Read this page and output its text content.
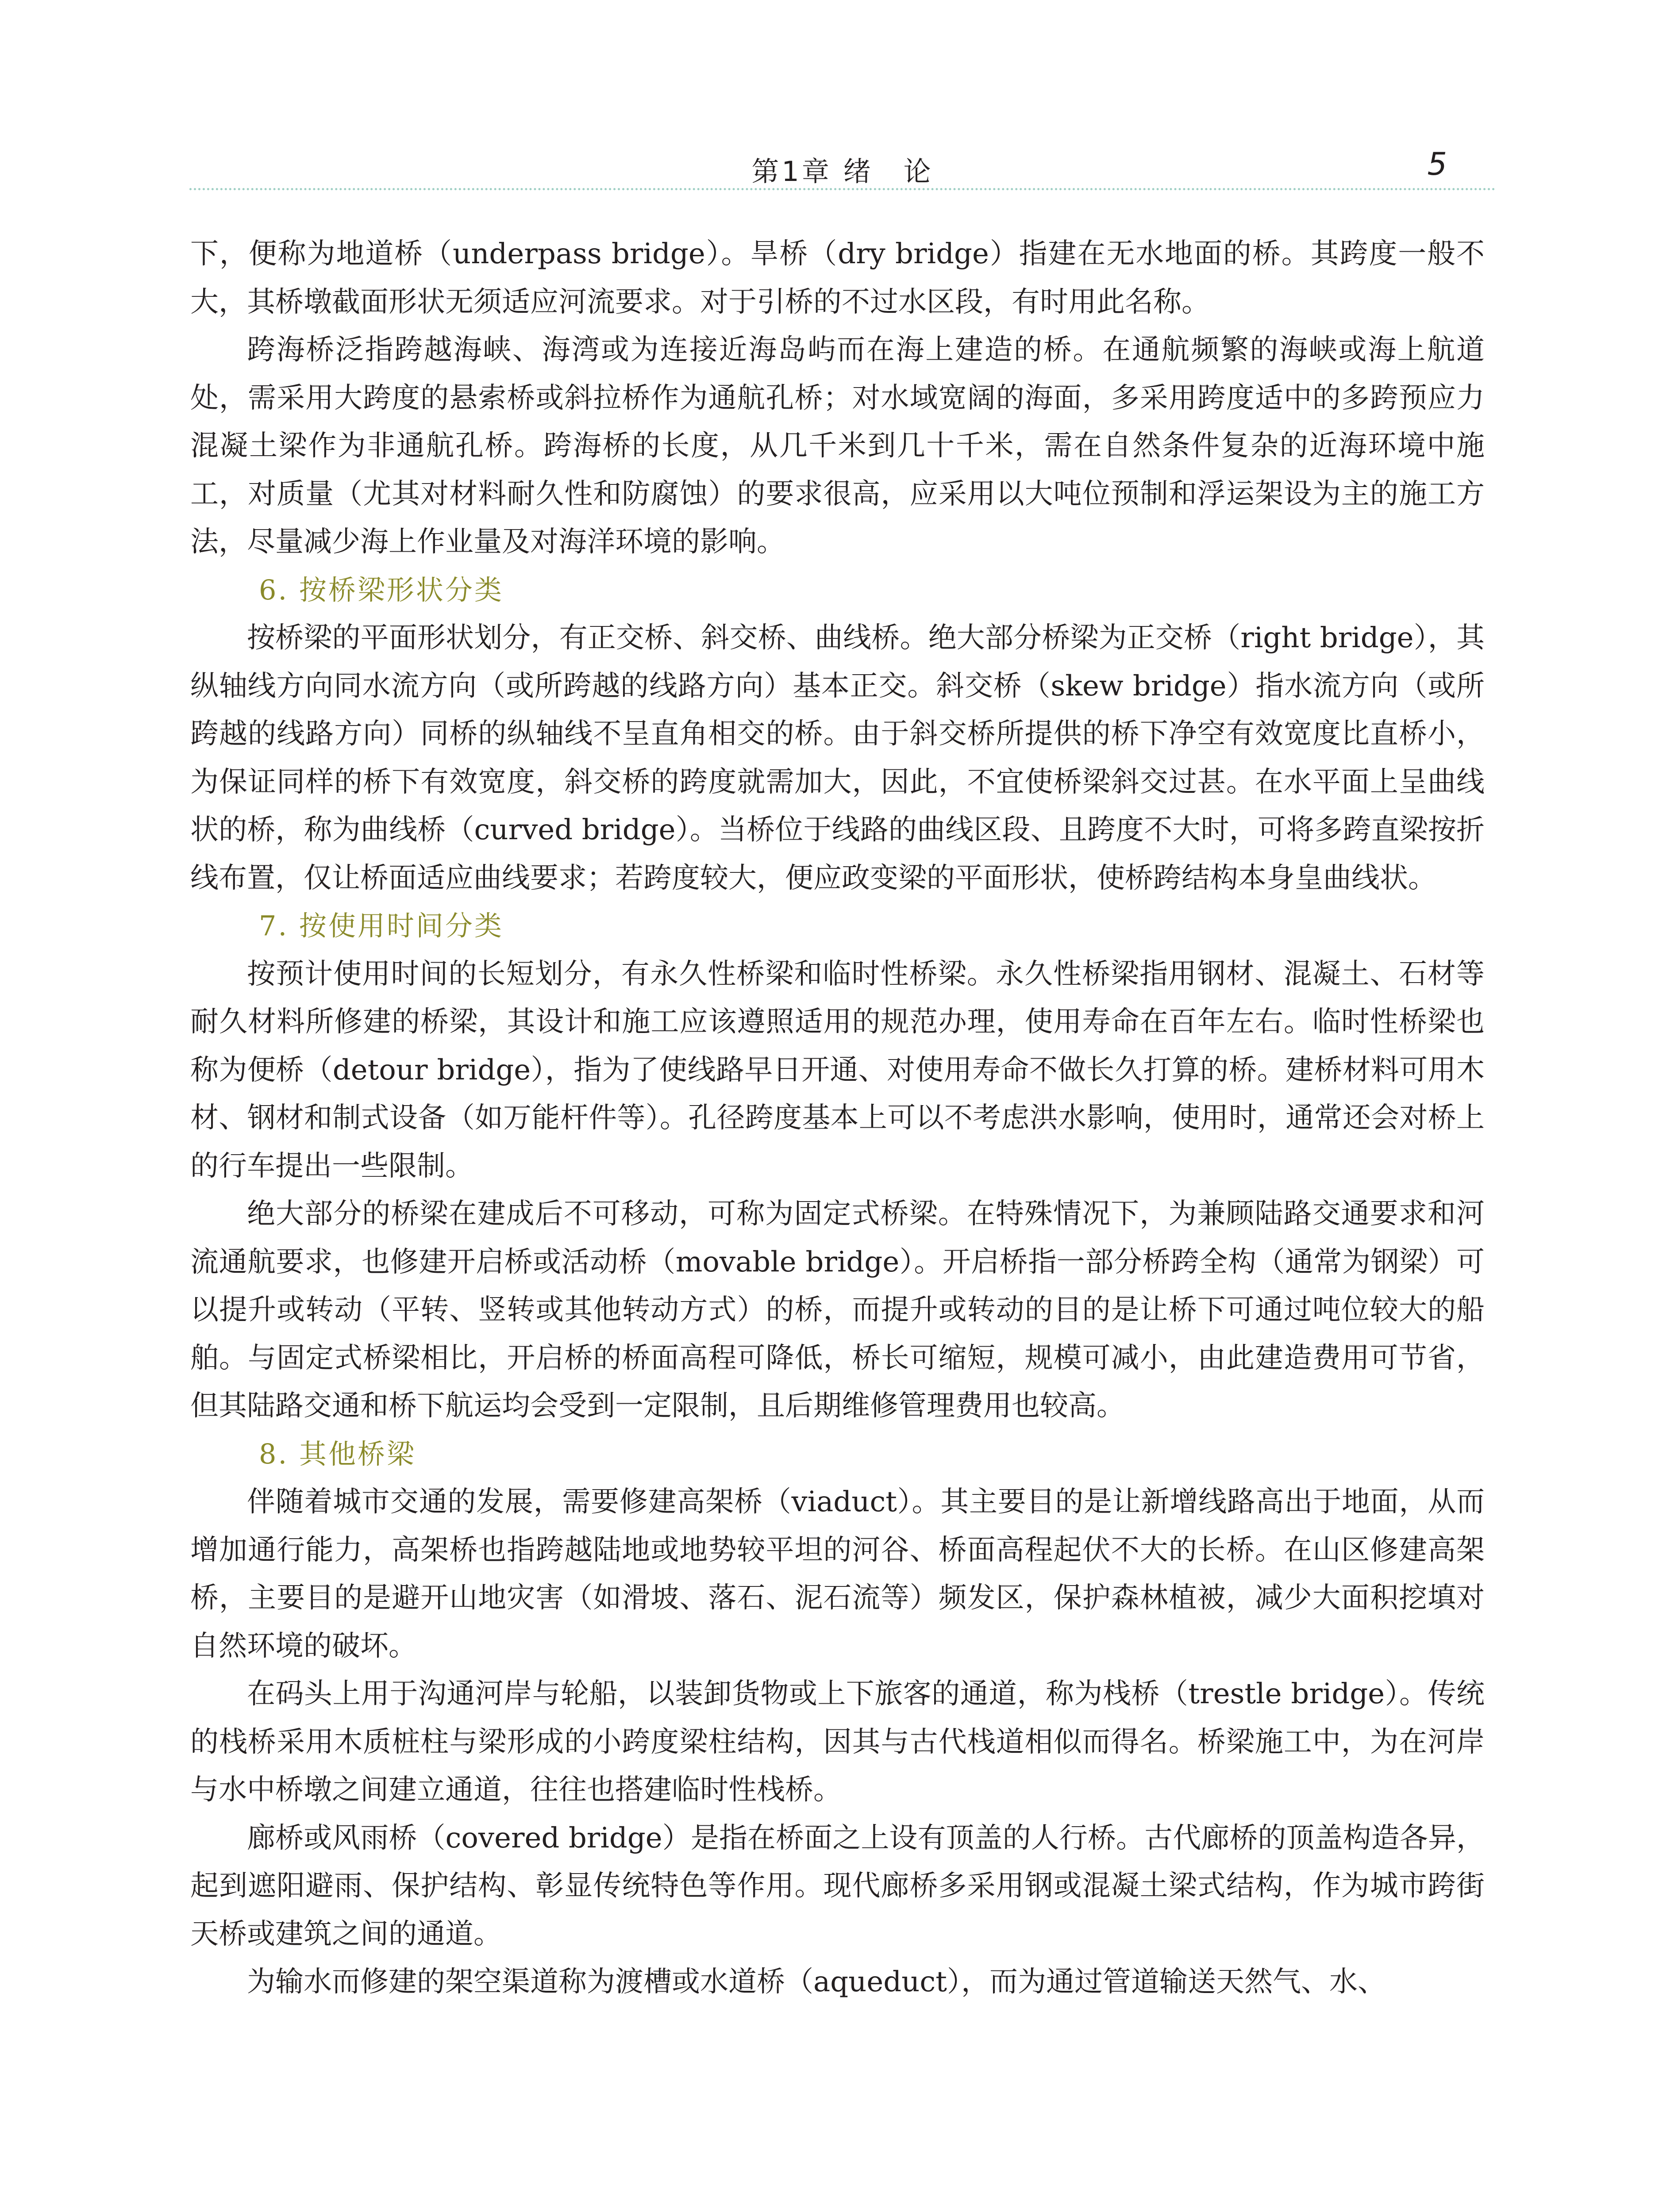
第1章 绪　论	5

下，便称为地道桥（underpass bridge）。旱桥（dry bridge）指建在无水地面的桥。其跨度一般不大，其桥墩截面形状无须适应河流要求。对于引桥的不过水区段，有时用此名称。

跨海桥泛指跨越海峡、海湾或为连接近海岛屿而在海上建造的桥。在通航频繁的海峡或海上航道处，需采用大跨度的悬索桥或斜拉桥作为通航孔桥；对水域宽阔的海面，多采用跨度适中的多跨预应力混凝土梁作为非通航孔桥。跨海桥的长度，从几千米到几十千米，需在自然条件复杂的近海环境中施工，对质量（尤其对材料耐久性和防腐蚀）的要求很高，应采用以大吨位预制和浮运架设为主的施工方法，尽量减少海上作业量及对海洋环境的影响。

6. 按桥梁形状分类

按桥梁的平面形状划分，有正交桥、斜交桥、曲线桥。绝大部分桥梁为正交桥（right bridge），其纵轴线方向同水流方向（或所跨越的线路方向）基本正交。斜交桥（skew bridge）指水流方向（或所跨越的线路方向）同桥的纵轴线不呈直角相交的桥。由于斜交桥所提供的桥下净空有效宽度比直桥小，为保证同样的桥下有效宽度，斜交桥的跨度就需加大，因此，不宜使桥梁斜交过甚。在水平面上呈曲线状的桥，称为曲线桥（curved bridge）。当桥位于线路的曲线区段、且跨度不大时，可将多跨直梁按折线布置，仅让桥面适应曲线要求；若跨度较大，便应政变梁的平面形状，使桥跨结构本身皇曲线状。

7. 按使用时间分类

按预计使用时间的长短划分，有永久性桥梁和临时性桥梁。永久性桥梁指用钢材、混凝土、石材等耐久材料所修建的桥梁，其设计和施工应该遵照适用的规范办理，使用寿命在百年左右。临时性桥梁也称为便桥（detour bridge），指为了使线路早日开通、对使用寿命不做长久打算的桥。建桥材料可用木材、钢材和制式设备（如万能杆件等）。孔径跨度基本上可以不考虑洪水影响，使用时，通常还会对桥上的行车提出一些限制。

绝大部分的桥梁在建成后不可移动，可称为固定式桥梁。在特殊情况下，为兼顾陆路交通要求和河流通航要求，也修建开启桥或活动桥（movable bridge）。开启桥指一部分桥跨全构（通常为钢梁）可以提升或转动（平转、竖转或其他转动方式）的桥，而提升或转动的目的是让桥下可通过吨位较大的船舶。与固定式桥梁相比，开启桥的桥面高程可降低，桥长可缩短，规模可减小，由此建造费用可节省，但其陆路交通和桥下航运均会受到一定限制，且后期维修管理费用也较高。

8. 其他桥梁

伴随着城市交通的发展，需要修建高架桥（viaduct）。其主要目的是让新增线路高出于地面，从而增加通行能力，高架桥也指跨越陆地或地势较平坦的河谷、桥面高程起伏不大的长桥。在山区修建高架桥，主要目的是避开山地灾害（如滑坡、落石、泥石流等）频发区，保护森林植被，减少大面积挖填对自然环境的破坏。

在码头上用于沟通河岸与轮船，以装卸货物或上下旅客的通道，称为栈桥（trestle bridge）。传统的栈桥采用木质桩柱与梁形成的小跨度梁柱结构，因其与古代栈道相似而得名。桥梁施工中，为在河岸与水中桥墩之间建立通道，往往也搭建临时性栈桥。

廊桥或风雨桥（covered bridge）是指在桥面之上设有顶盖的人行桥。古代廊桥的顶盖构造各异，起到遮阳避雨、保护结构、彰显传统特色等作用。现代廊桥多采用钢或混凝土梁式结构，作为城市跨街天桥或建筑之间的通道。

为输水而修建的架空渠道称为渡槽或水道桥（aqueduct），而为通过管道输送天然气、水、
